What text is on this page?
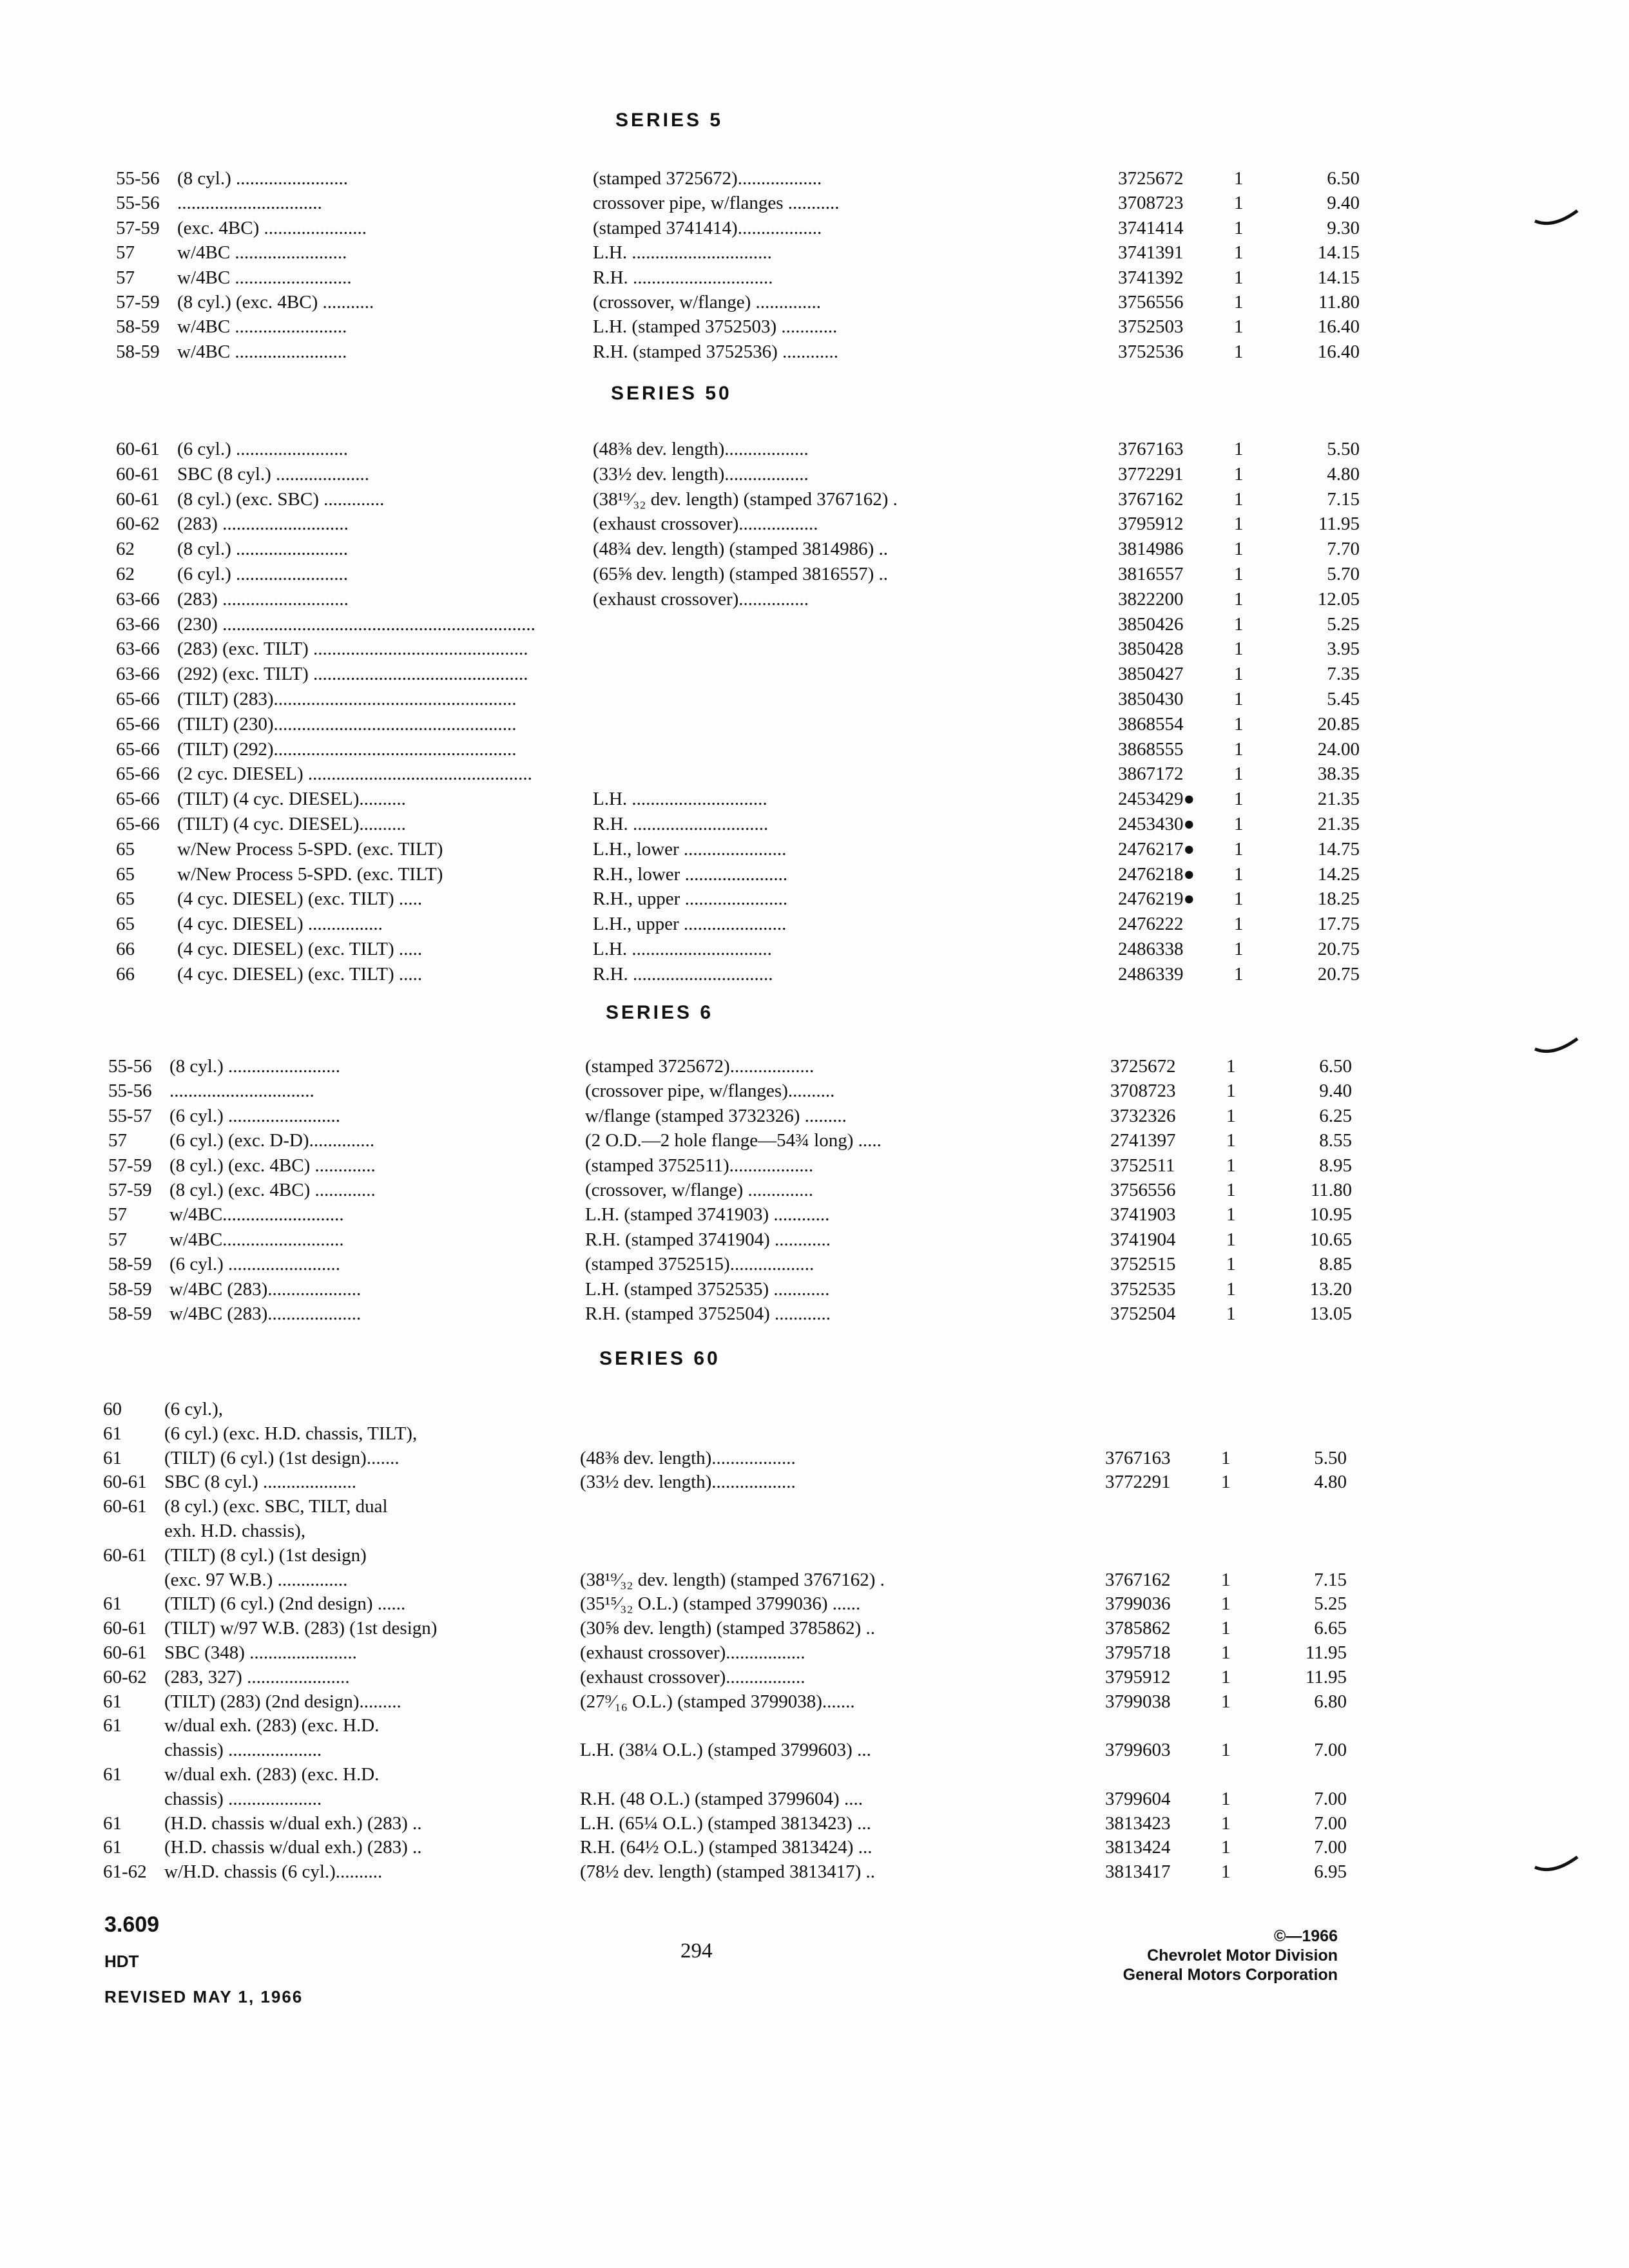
SERIES 5
55-56 (8 cyl.) ........................	(stamped 3725672)..................	3725672	1	6.50
55-56 ...............................	crossover pipe, w/flanges ...........	3708723	1	9.40
57-59 (exc. 4BC) ......................	(stamped 3741414)..................	3741414	1	9.30
57 w/4BC ........................	L.H. ..............................	3741391	1	14.15
57 w/4BC .........................	R.H. ..............................	3741392	1	14.15
57-59 (8 cyl.) (exc. 4BC) ...........	(crossover, w/flange) ..............	3756556	1	11.80
58-59 w/4BC ........................	L.H. (stamped 3752503) ............	3752503	1	16.40
58-59 w/4BC ........................	R.H. (stamped 3752536) ............	3752536	1	16.40
SERIES 50
60-61 (6 cyl.) ........................	(48⅜ dev. length)..................	3767163	1	5.50
60-61 SBC (8 cyl.) ....................	(33½ dev. length)..................	3772291	1	4.80
60-61 (8 cyl.) (exc. SBC) .............	(38¹⁹⁄₃₂ dev. length) (stamped 3767162) .	3767162	1	7.15
60-62 (283) ...........................	(exhaust crossover).................	3795912	1	11.95
62 (8 cyl.) ........................	(48¾ dev. length) (stamped 3814986) ..	3814986	1	7.70
62 (6 cyl.) ........................	(65⅝ dev. length) (stamped 3816557) ..	3816557	1	5.70
63-66 (283) ...........................	(exhaust crossover)...............	3822200	1	12.05
63-66 (230) ...................................................................	3850426	1	5.25
63-66 (283) (exc. TILT) ..............................................	3850428	1	3.95
63-66 (292) (exc. TILT) ..............................................	3850427	1	7.35
65-66 (TILT) (283)....................................................	3850430	1	5.45
65-66 (TILT) (230)....................................................	3868554	1	20.85
65-66 (TILT) (292)....................................................	3868555	1	24.00
65-66 (2 cyc. DIESEL) ................................................	3867172	1	38.35
65-66 (TILT) (4 cyc. DIESEL)..........	L.H. .............................	2453429● 1	21.35
65-66 (TILT) (4 cyc. DIESEL)..........	R.H. .............................	2453430● 1	21.35
65 w/New Process 5-SPD. (exc. TILT)	L.H., lower ......................	2476217● 1	14.75
65 w/New Process 5-SPD. (exc. TILT)	R.H., lower ......................	2476218● 1	14.25
65 (4 cyc. DIESEL) (exc. TILT) .....	R.H., upper ......................	2476219● 1	18.25
65 (4 cyc. DIESEL) ................	L.H., upper ......................	2476222	1	17.75
66 (4 cyc. DIESEL) (exc. TILT) .....	L.H. ..............................	2486338	1	20.75
66 (4 cyc. DIESEL) (exc. TILT) .....	R.H. ..............................	2486339	1	20.75
SERIES 6
55-56 (8 cyl.) ........................	(stamped 3725672)..................	3725672	1	6.50
55-56 ...............................	(crossover pipe, w/flanges)..........	3708723	1	9.40
55-57 (6 cyl.) ........................	w/flange (stamped 3732326) .........	3732326	1	6.25
57 (6 cyl.) (exc. D-D)..............	(2 O.D.—2 hole flange—54¾ long) .....	2741397	1	8.55
57-59 (8 cyl.) (exc. 4BC) .............	(stamped 3752511)..................	3752511	1	8.95
57-59 (8 cyl.) (exc. 4BC) .............	(crossover, w/flange) ..............	3756556	1	11.80
57 w/4BC..........................	L.H. (stamped 3741903) ............	3741903	1	10.95
57 w/4BC..........................	R.H. (stamped 3741904) ............	3741904	1	10.65
58-59 (6 cyl.) ........................	(stamped 3752515)..................	3752515	1	8.85
58-59 w/4BC (283)....................	L.H. (stamped 3752535) ............	3752535	1	13.20
58-59 w/4BC (283)....................	R.H. (stamped 3752504) ............	3752504	1	13.05
SERIES 60
60 (6 cyl.),
61 (6 cyl.) (exc. H.D. chassis, TILT),
61 (TILT) (6 cyl.) (1st design).......	(48⅜ dev. length)..................	3767163	1	5.50
60-61 SBC (8 cyl.) ....................	(33½ dev. length)..................	3772291	1	4.80
60-61 (8 cyl.) (exc. SBC, TILT, dual
exh. H.D. chassis),
60-61 (TILT) (8 cyl.) (1st design)
(exc. 97 W.B.) ...............	(38¹⁹⁄₃₂ dev. length) (stamped 3767162) .	3767162	1	7.15
61 (TILT) (6 cyl.) (2nd design) ......	(35¹⁵⁄₃₂ O.L.) (stamped 3799036) ......	3799036	1	5.25
60-61 (TILT) w/97 W.B. (283) (1st design)	(30⅝ dev. length) (stamped 3785862) ..	3785862	1	6.65
60-61 SBC (348) .......................	(exhaust crossover).................	3795718	1	11.95
60-62 (283, 327) ......................	(exhaust crossover).................	3795912	1	11.95
61 (TILT) (283) (2nd design).........	(27⁹⁄₁₆ O.L.) (stamped 3799038).......	3799038	1	6.80
61 w/dual exh. (283) (exc. H.D.
chassis) ....................	L.H. (38¼ O.L.) (stamped 3799603) ...	3799603	1	7.00
61 w/dual exh. (283) (exc. H.D.
chassis) ....................	R.H. (48 O.L.) (stamped 3799604) ....	3799604	1	7.00
61 (H.D. chassis w/dual exh.) (283) ..	L.H. (65¼ O.L.) (stamped 3813423) ...	3813423	1	7.00
61 (H.D. chassis w/dual exh.) (283) ..	R.H. (64½ O.L.) (stamped 3813424) ...	3813424	1	7.00
61-62 w/H.D. chassis (6 cyl.)..........	(78½ dev. length) (stamped 3813417) ..	3813417	1	6.95
3.609
HDT
REVISED MAY 1, 1966
294
©—1966
Chevrolet Motor Division
General Motors Corporation
